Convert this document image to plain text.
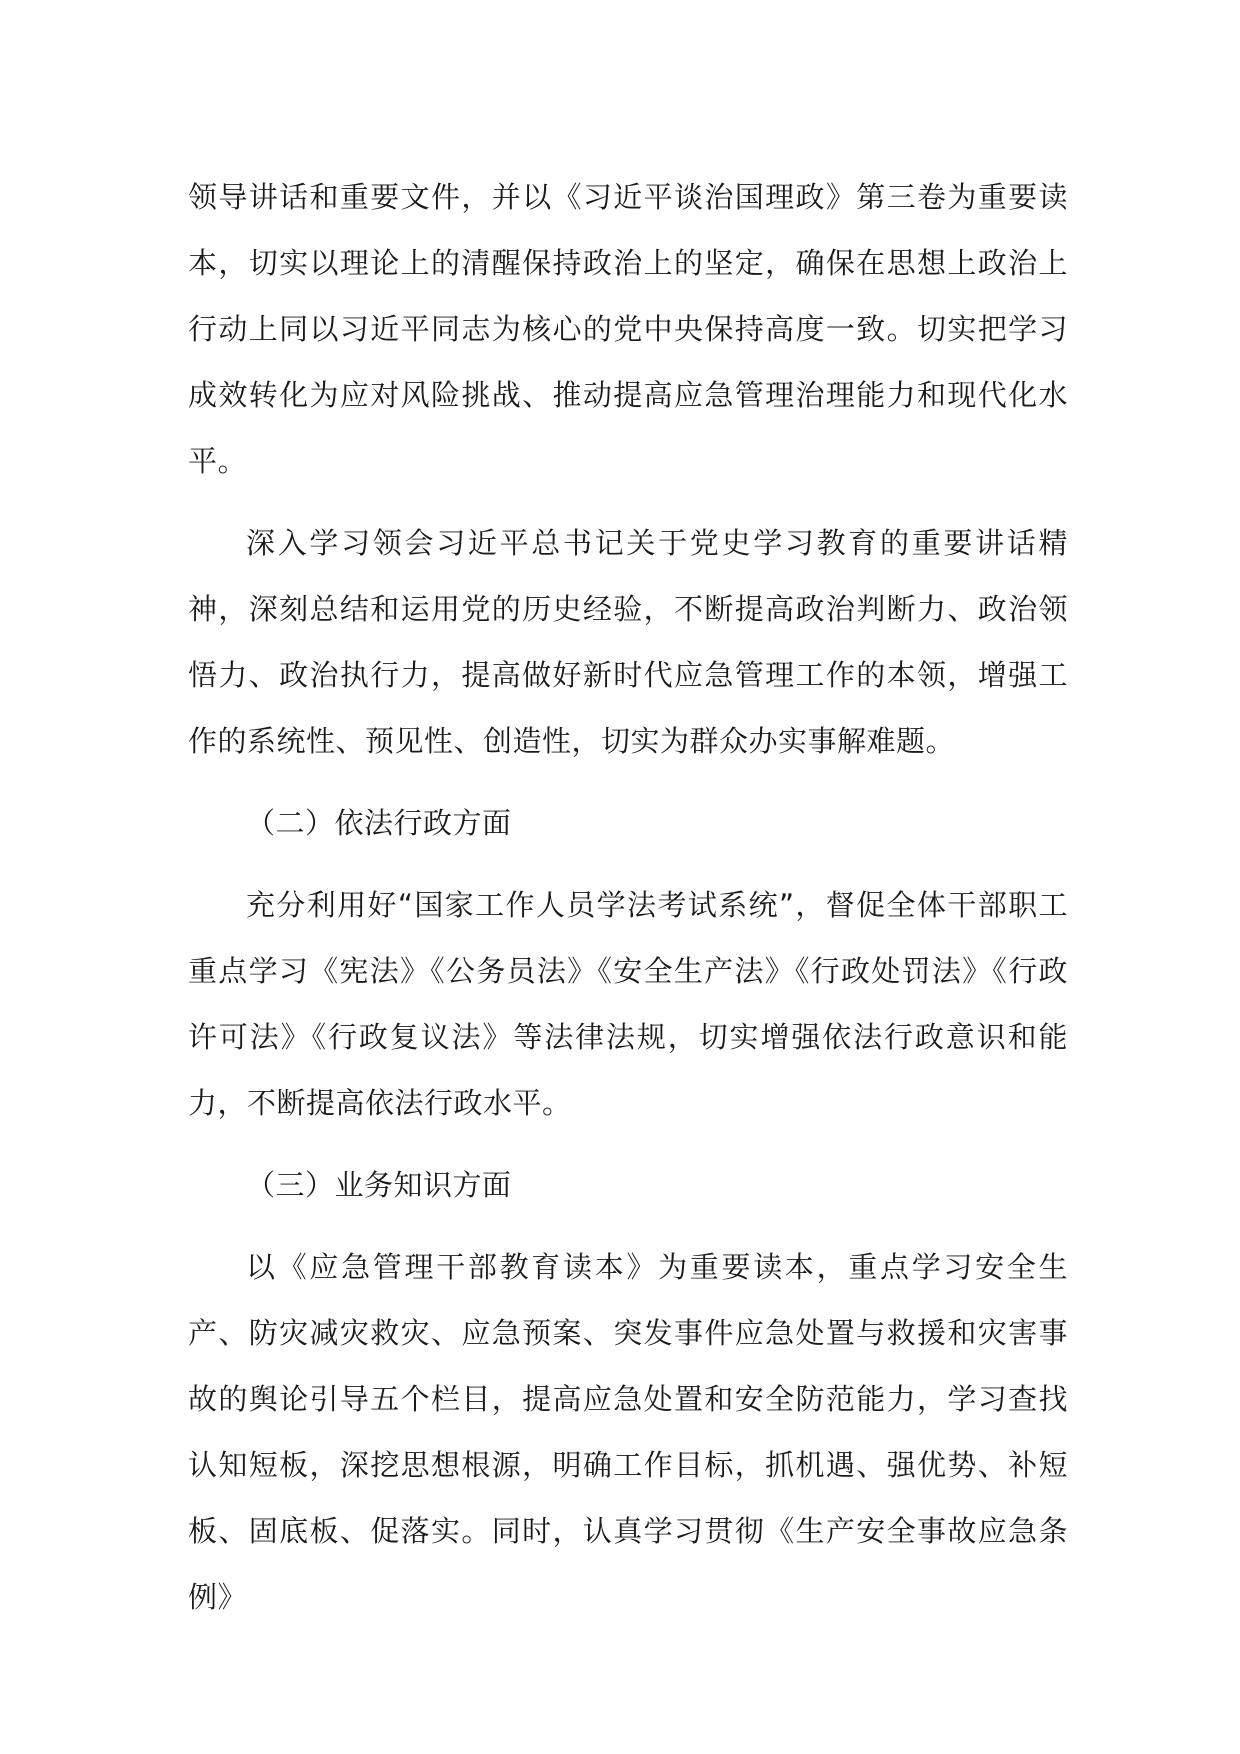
领导讲话和重要文件，并以《习近平谈治国理政》第三卷为重要读本，切实以理论上的清醒保持政治上的坚定，确保在思想上政治上行动上同以习近平同志为核心的党中央保持高度一致。切实把学习成效转化为应对风险挑战、推动提高应急管理治理能力和现代化水平。

深入学习领会习近平总书记关于党史学习教育的重要讲话精神，深刻总结和运用党的历史经验，不断提高政治判断力、政治领悟力、政治执行力，提高做好新时代应急管理工作的本领，增强工作的系统性、预见性、创造性，切实为群众办实事解难题。

（二）依法行政方面

充分利用好“国家工作人员学法考试系统”，督促全体干部职工重点学习《宪法》《公务员法》《安全生产法》《行政处罚法》《行政许可法》《行政复议法》等法律法规，切实增强依法行政意识和能力，不断提高依法行政水平。

（三）业务知识方面

以《应急管理干部教育读本》为重要读本，重点学习安全生产、防灾减灾救灾、应急预案、突发事件应急处置与救援和灾害事故的舆论引导五个栏目，提高应急处置和安全防范能力，学习查找认知短板，深挖思想根源，明确工作目标，抓机遇、强优势、补短板、固底板、促落实。同时，认真学习贯彻《生产安全事故应急条例》
